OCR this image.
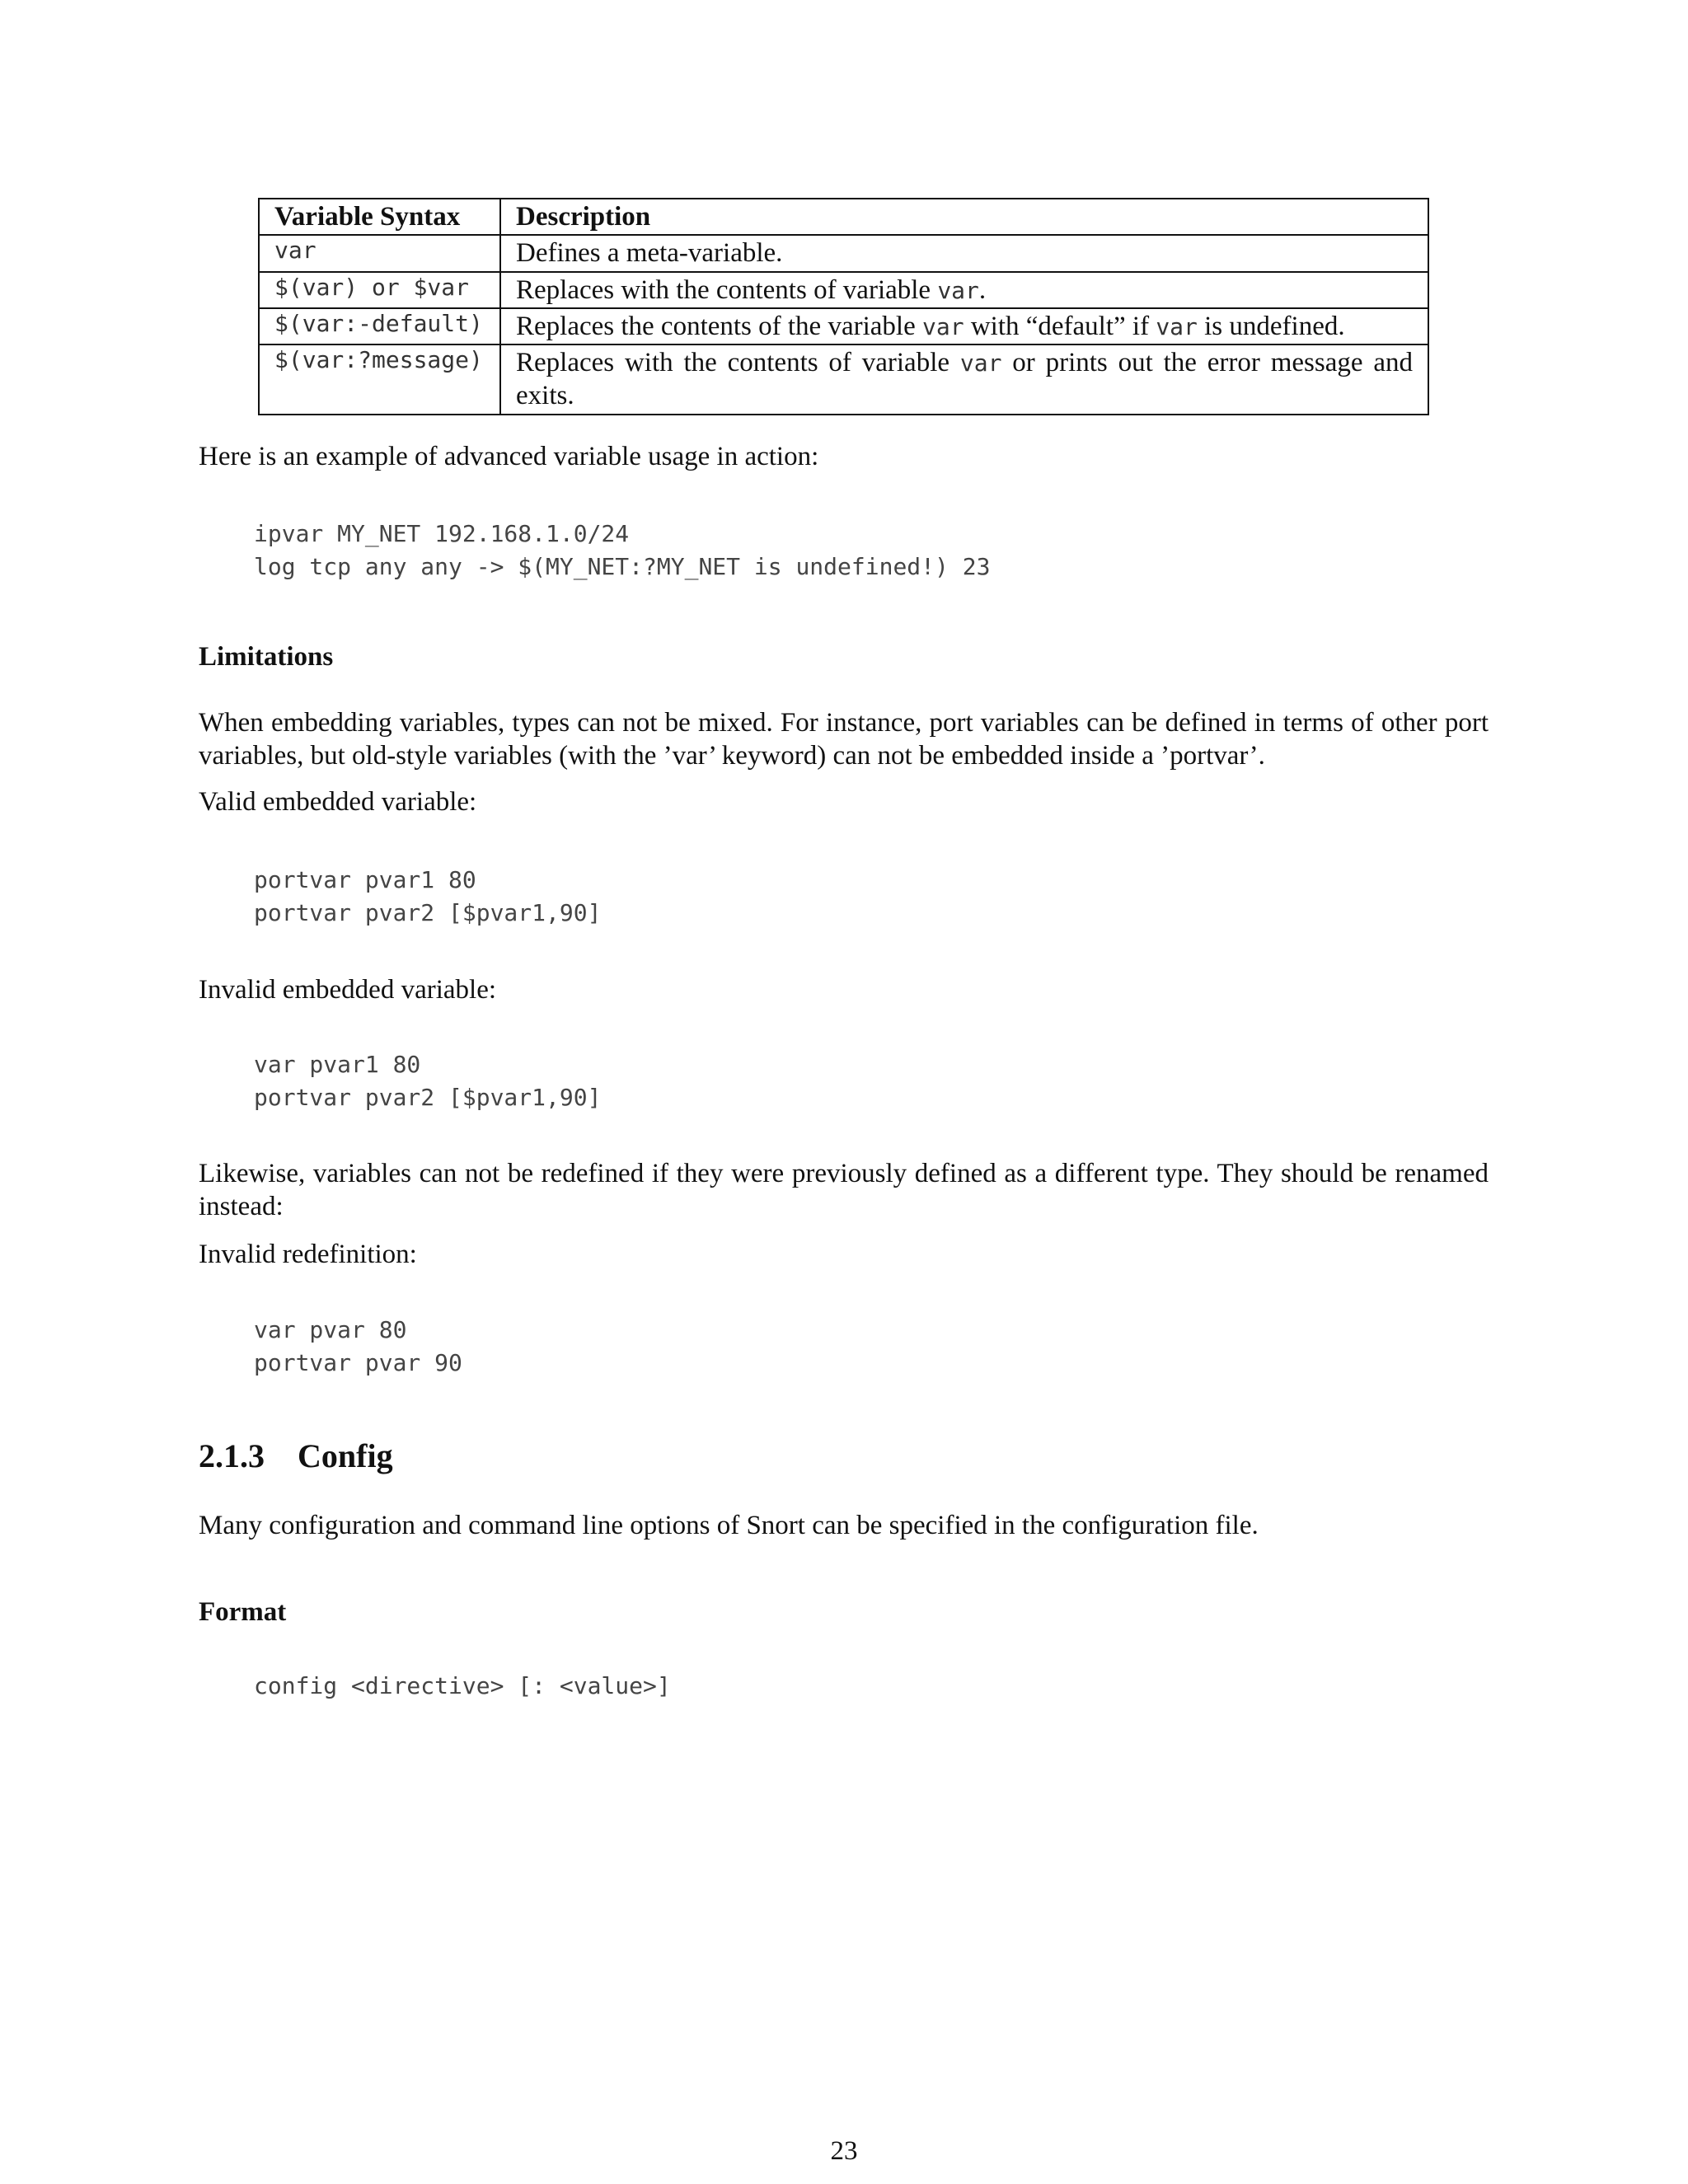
Variable Syntax	Description
var	Defines a meta-variable.
$(var) or $var	Replaces with the contents of variable var.
$(var:-default)	Replaces the contents of the variable var with “default” if var is undefined.
$(var:?message)	Replaces with the contents of variable var or prints out the error message and exits.

Here is an example of advanced variable usage in action:

ipvar MY_NET 192.168.1.0/24
log tcp any any -> $(MY_NET:?MY_NET is undefined!) 23
Limitations

When embedding variables, types can not be mixed. For instance, port variables can be defined in terms of other port variables, but old-style variables (with the ’var’ keyword) can not be embedded inside a ’portvar’.

Valid embedded variable:

portvar pvar1 80
portvar pvar2 [$pvar1,90]

Invalid embedded variable:

var pvar1 80
portvar pvar2 [$pvar1,90]

Likewise, variables can not be redefined if they were previously defined as a different type. They should be renamed instead:

Invalid redefinition:

var pvar 80
portvar pvar 90
2.1.3 Config

Many configuration and command line options of Snort can be specified in the configuration file.

Format
config <directive> [: <value>]
23
